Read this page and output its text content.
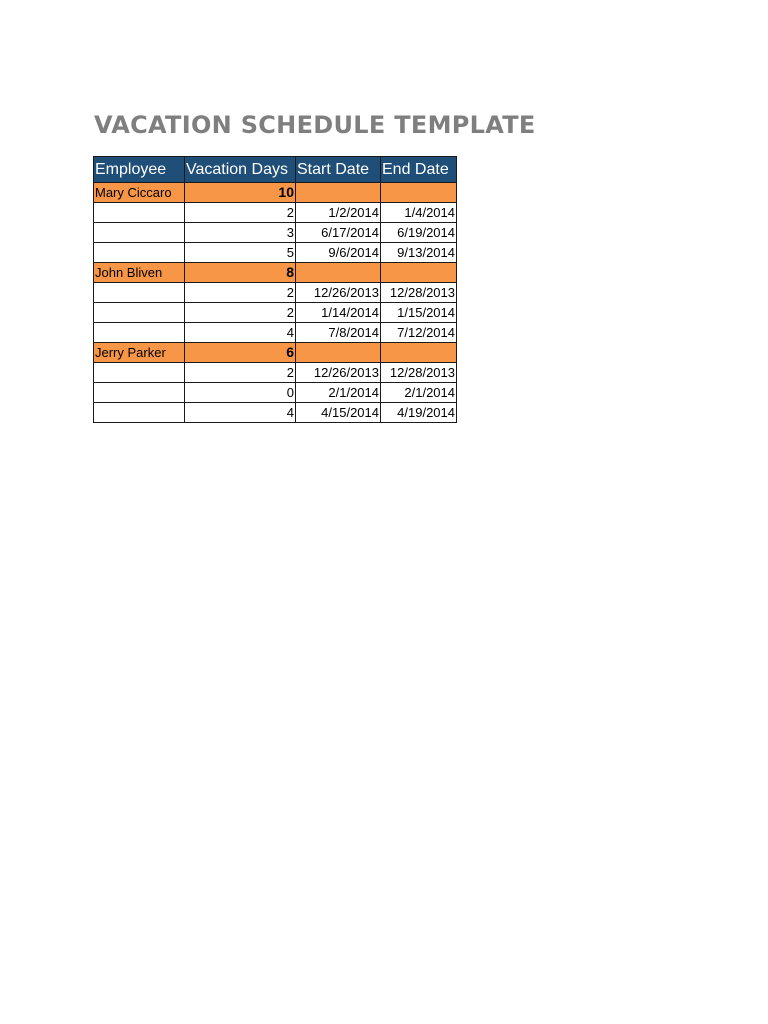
VACATION SCHEDULE TEMPLATE
Employee	Vacation Days	Start Date	End Date
Mary Ciccaro	10		
	2	1/2/2014	1/4/2014
	3	6/17/2014	6/19/2014
	5	9/6/2014	9/13/2014
John Bliven	8		
	2	12/26/2013	12/28/2013
	2	1/14/2014	1/15/2014
	4	7/8/2014	7/12/2014
Jerry Parker	6		
	2	12/26/2013	12/28/2013
	0	2/1/2014	2/1/2014
	4	4/15/2014	4/19/2014
